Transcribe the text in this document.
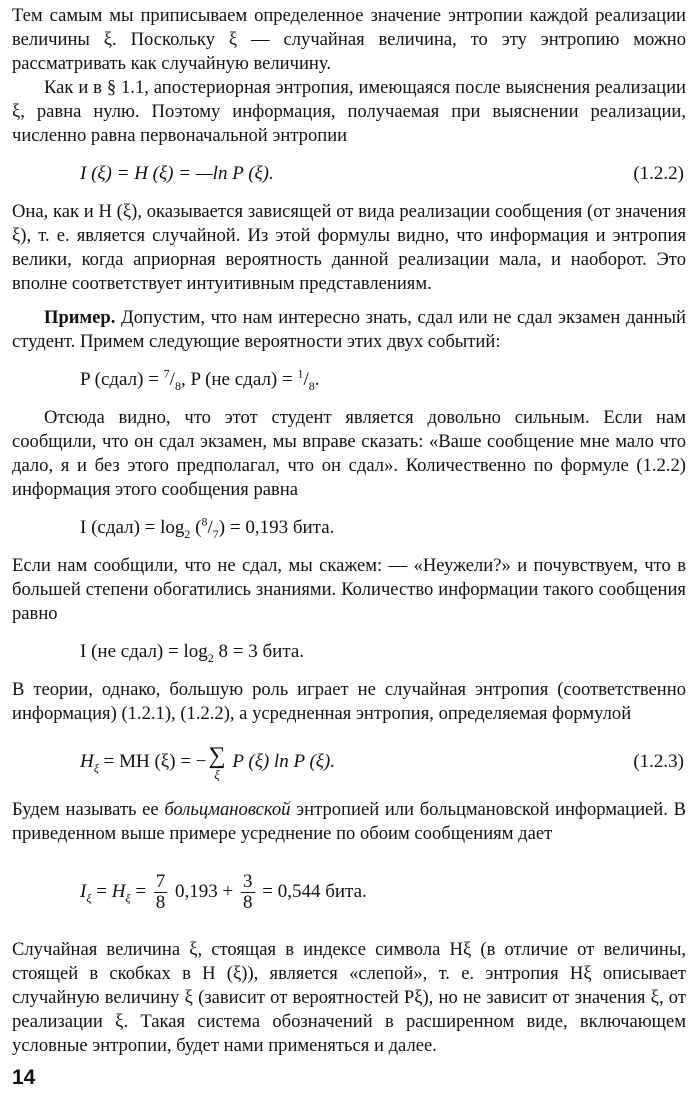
Тем самым мы приписываем определенное значение энтропии каждой реализации величины ξ. Поскольку ξ — случайная величина, то эту энтропию можно рассматривать как случайную величину.

Как и в § 1.1, апостериорная энтропия, имеющаяся после выяснения реализации ξ, равна нулю. Поэтому информация, получаемая при выяснении реализации, численно равна первоначальной энтропии

I (ξ) = H (ξ) = —ln P (ξ).	(1.2.2)

Она, как и H (ξ), оказывается зависящей от вида реализации сообщения (от значения ξ), т. е. является случайной. Из этой формулы видно, что информация и энтропия велики, когда априорная вероятность данной реализации мала, и наоборот. Это вполне соответствует интуитивным представлениям.

Пример. Допустим, что нам интересно знать, сдал или не сдал экзамен данный студент. Примем следующие вероятности этих двух событий:

P (сдал) = $^7/_8$, P (не сдал) = $^1/_8$.

Отсюда видно, что этот студент является довольно сильным. Если нам сообщили, что он сдал экзамен, мы вправе сказать: «Ваше сообщение мне мало что дало, я и без этого предполагал, что он сдал». Количественно по формуле (1.2.2) информация этого сообщения равна

I (сдал) = $\log_2 (^8/_7) = 0,193$ бита.

Если нам сообщили, что не сдал, мы скажем: — «Неужели?» и почувствуем, что в большей степени обогатились знаниями. Количество информации такого сообщения равно

I (не сдал) = $\log_2 8 = 3$ бита.

В теории, однако, большую роль играет не случайная энтропия (соответственно информация) (1.2.1), (1.2.2), а усредненная энтропия, определяемая формулой

$H_\xi$ = MH (ξ) = − ∑
ξ
P (ξ) ln P (ξ).	(1.2.3)

Будем называть ее больцмановской энтропией или больцмановской информацией. В приведенном выше примере усреднение по обоим сообщениям дает

$I_\xi = H_\xi = \frac{7}{8} 0,193 + \frac{3}{8} = 0,544$ бита.

Случайная величина ξ, стоящая в индексе символа Hξ (в отличие от величины, стоящей в скобках в H (ξ)), является «слепой», т. е. энтропия Hξ описывает случайную величину ξ (зависит от вероятностей Pξ), но не зависит от значения ξ, от реализации ξ. Такая система обозначений в расширенном виде, включающем условные энтропии, будет нами применяться и далее.

14
